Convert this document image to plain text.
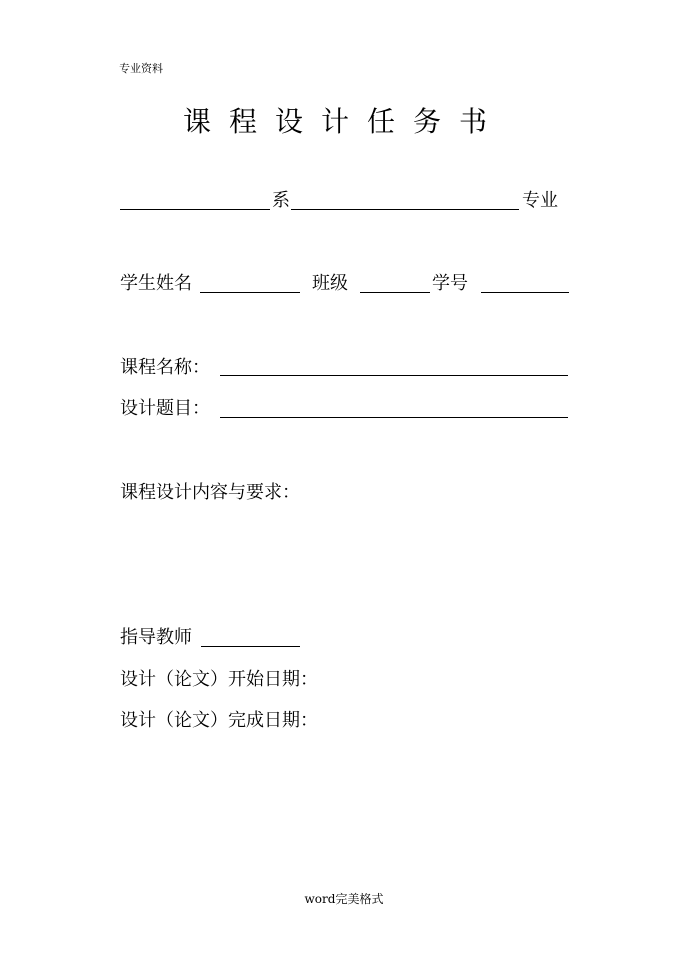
专业资料
课程设计任务书
系	专业
学生姓名	班级	学号
课程名称：
设计题目：
课程设计内容与要求：
指导教师
设计（论文）开始日期：
设计（论文）完成日期：
word完美格式
